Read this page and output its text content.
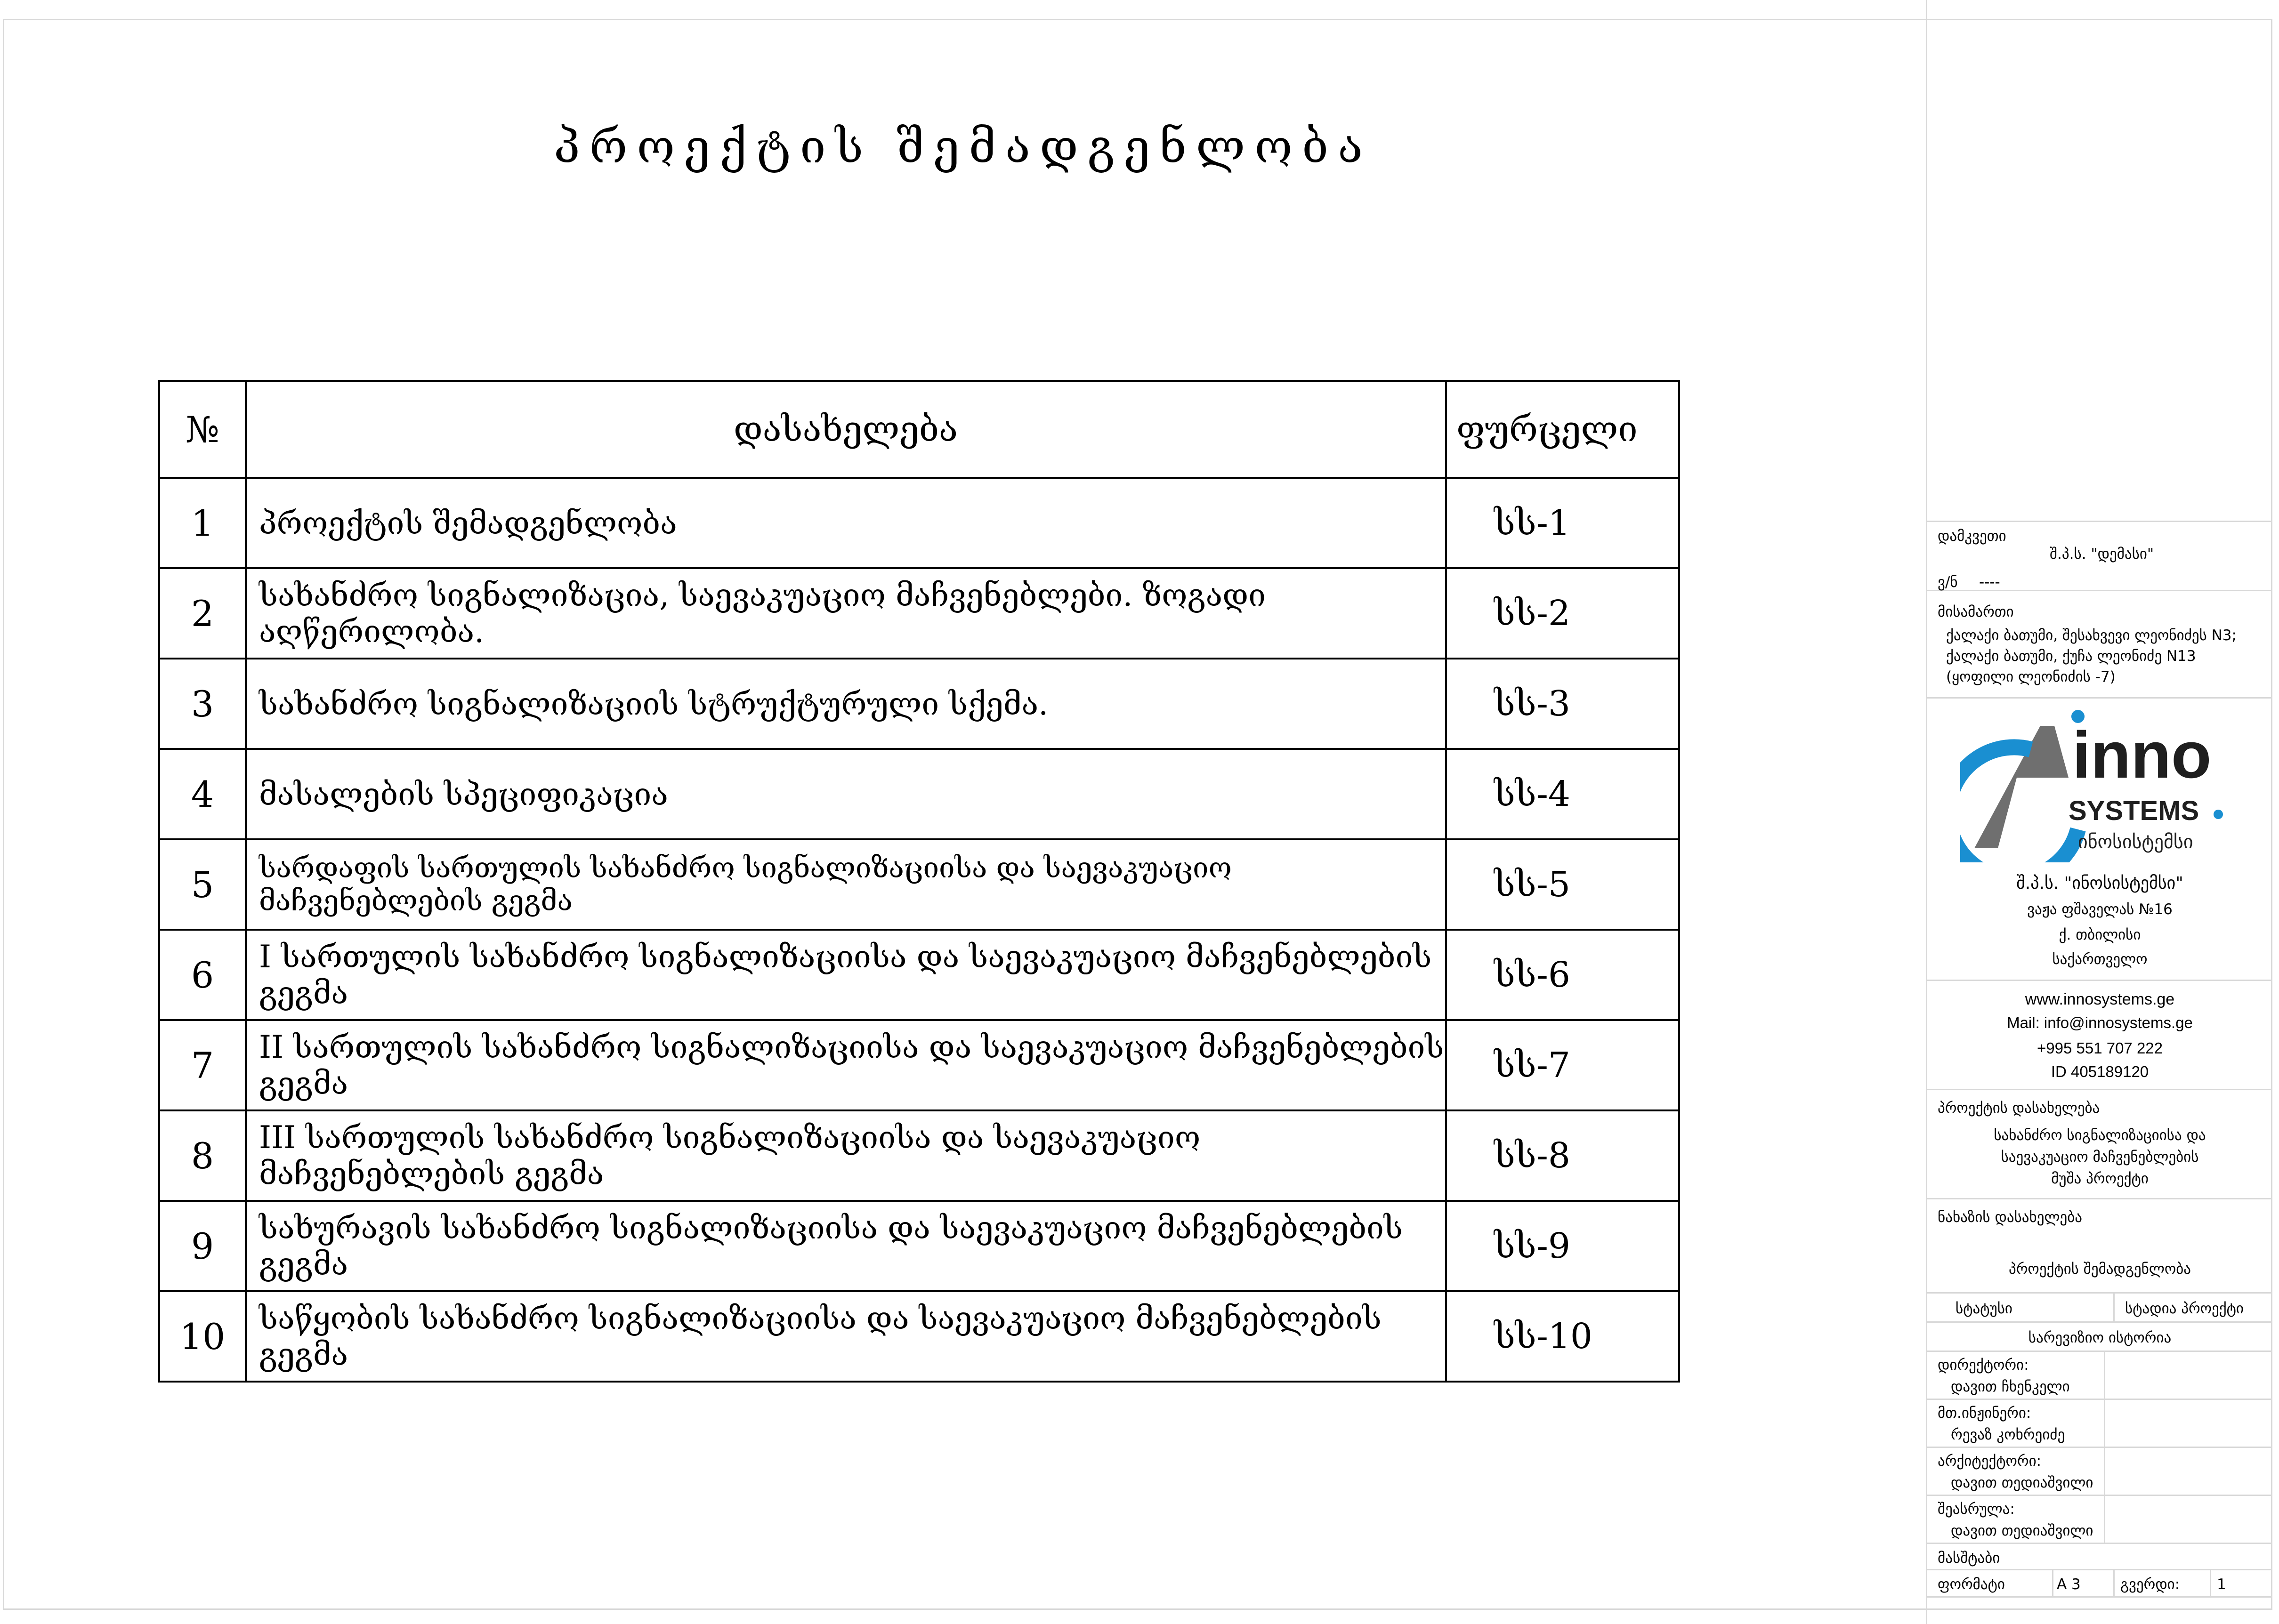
პროექტის შემადგენლობა
№	დასახელება	ფურცელი
1	პროექტის შემადგენლობა	სს-1
2	სახანძრო სიგნალიზაცია, საევაკუაციო მაჩვენებლები. ზოგადი აღწერილობა.	სს-2
3	სახანძრო სიგნალიზაციის სტრუქტურული სქემა.	სს-3
4	მასალების სპეციფიკაცია	სს-4
5	სარდაფის სართულის სახანძრო სიგნალიზაციისა და საევაკუაციო მაჩვენებლების გეგმა	სს-5
6	I სართულის სახანძრო სიგნალიზაციისა და საევაკუაციო მაჩვენებლების გეგმა	სს-6
7	II სართულის სახანძრო სიგნალიზაციისა და საევაკუაციო მაჩვენებლების გეგმა	სს-7
8	III სართულის სახანძრო სიგნალიზაციისა და საევაკუაციო მაჩვენებლების გეგმა	სს-8
9	სახურავის სახანძრო სიგნალიზაციისა და საევაკუაციო მაჩვენებლების გეგმა	სს-9
10	საწყობის სახანძრო სიგნალიზაციისა და საევაკუაციო მაჩვენებლების გეგმა	სს-10
დამკვეთი
შ.პ.ს. "დემასი"
ვ/ნ ----
მისამართი
ქალაქი ბათუმი, შესახვევი ლეონიძეს N3;
ქალაქი ბათუმი, ქუჩა ლეონიძე N13
(ყოფილი ლეონიძის -7)
inno
SYSTEMS
ინოსისტემსი
შ.პ.ს. "ინოსისტემსი"
ვაჟა ფშაველას №16
ქ. თბილისი
საქართველო
www.innosystems.ge
Mail: info@innosystems.ge
+995 551 707 222
ID 405189120
პროექტის დასახელება
სახანძრო სიგნალიზაციისა და
საევაკუაციო მაჩვენებლების
მუშა პროექტი
ნახაზის დასახელება
პროექტის შემადგენლობა
სტატუსი	სტადია პროექტი
სარევიზიო ისტორია
დირექტორი:
დავით ჩხენკელი
მთ.ინჟინერი:
რევაზ კოხრეიძე
არქიტექტორი:
დავით თედიაშვილი
შეასრულა:
დავით თედიაშვილი
მასშტაბი
ფორმატი	A 3	გვერდი:	1
